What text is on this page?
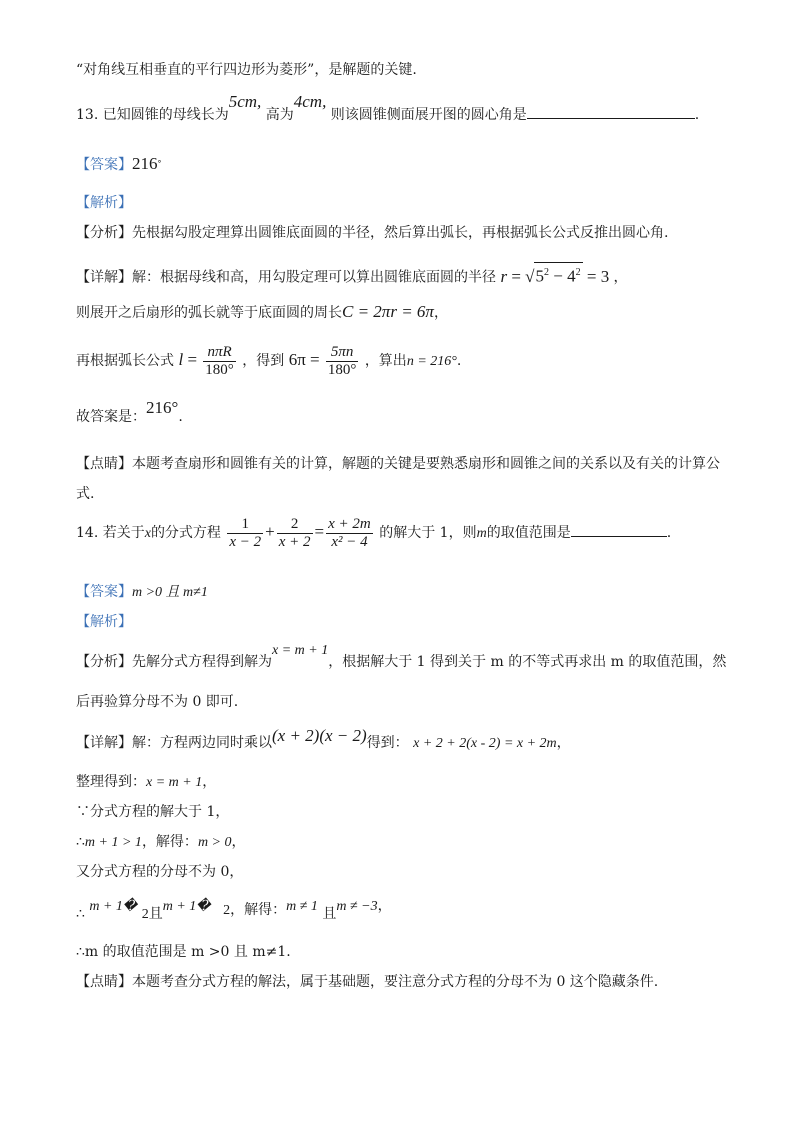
“对角线互相垂直的平行四边形为菱形”，是解题的关键.
13. 已知圆锥的母线长为5cm, 高为4cm, 则该圆锥侧面展开图的圆心角是	.
【答案】216°
【解析】
【分析】先根据勾股定理算出圆锥底面圆的半径，然后算出弧长，再根据弧长公式反推出圆心角.
【详解】解：根据母线和高，用勾股定理可以算出圆锥底面圆的半径 $r = √5^2 - 4^2 = 3$ ，
则展开之后扇形的弧长就等于底面圆的周长C = 2πr = 6π，
再根据弧长公式 $l = \frac{\text{nπR}}{180^\circ}$ ，得到 $6\pi = \frac{5\pi n}{180^\circ}$ ，算出n = 216°.
故答案是：216°.
【点睛】本题考查扇形和圆锥有关的计算，解题的关键是要熟悉扇形和圆锥之间的关系以及有关的计算公
式.
14. 若关于x的分式方程 $\frac{1}{x - 2} + \frac{2}{x + 2} = \frac{x + 2m}{\text{x² − 4}}$ 的解大于 1，则m的取值范围是	.
【答案】m >0 且 m≠1
【解析】
【分析】先解分式方程得到解为x = m + 1，根据解大于 1 得到关于 m 的不等式再求出 m 的取值范围，然
后再验算分母不为 0 即可.
【详解】解：方程两边同时乘以(x + 2)(x − 2)得到： x + 2 + 2(x - 2) = x + 2m，
整理得到：x = m + 1，
∵分式方程的解大于 1，
∴m + 1 > 1，解得：m > 0，
又分式方程的分母不为 0，
∴ m + 1� 2且m + 1� 2，解得：m ≠ 1 且m ≠ −3，
∴m 的取值范围是 m >0 且 m≠1.
【点睛】本题考查分式方程的解法，属于基础题，要注意分式方程的分母不为 0 这个隐藏条件.
